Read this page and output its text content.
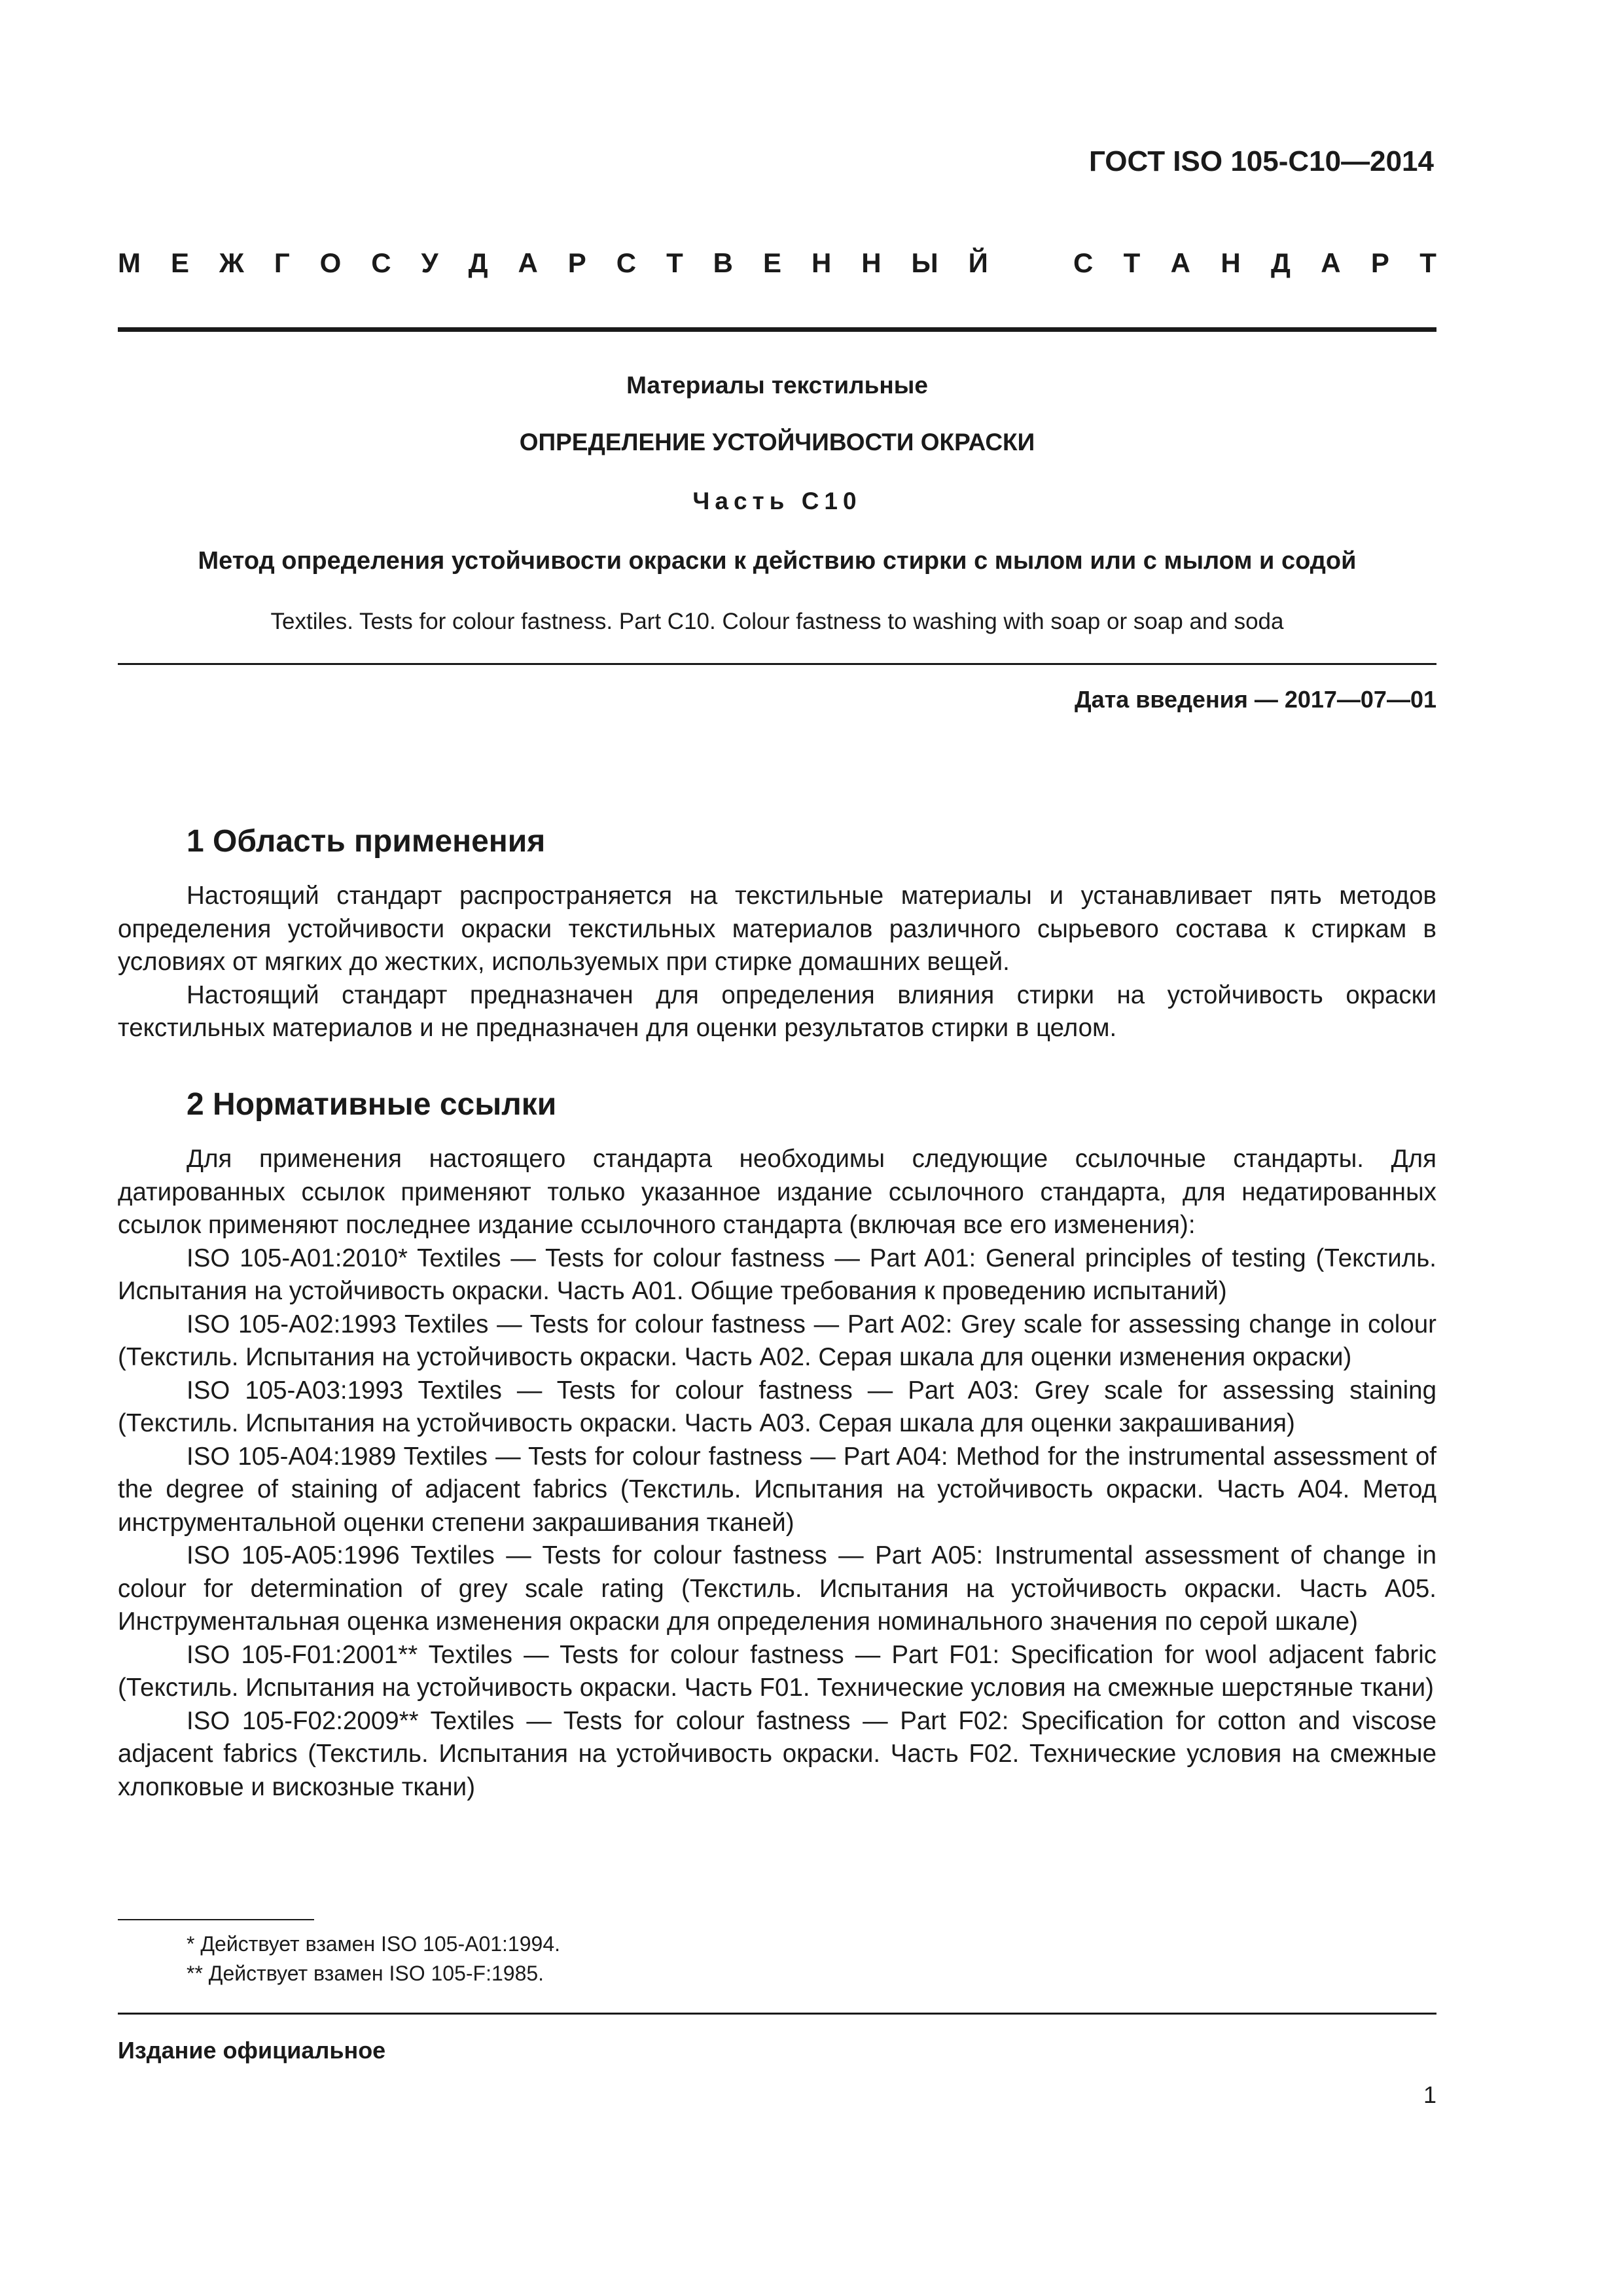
ГОСТ ISO 105-С10—2014
М Е Ж Г О С У Д А Р С Т В Е Н Н Ы Й	С Т А Н Д А Р Т
Материалы текстильные
ОПРЕДЕЛЕНИЕ УСТОЙЧИВОСТИ ОКРАСКИ
Часть С10
Метод определения устойчивости окраски к действию стирки с мылом или с мылом и содой
Textiles. Tests for colour fastness. Part C10. Colour fastness to washing with soap or soap and soda
Дата введения — 2017—07—01
1 Область применения

Настоящий стандарт распространяется на текстильные материалы и устанавливает пять методов определения устойчивости окраски текстильных материалов различного сырьевого состава к стиркам в условиях от мягких до жестких, используемых при стирке домашних вещей.

Настоящий стандарт предназначен для определения влияния стирки на устойчивость окраски текстильных материалов и не предназначен для оценки результатов стирки в целом.

2 Нормативные ссылки

Для применения настоящего стандарта необходимы следующие ссылочные стандарты. Для датированных ссылок применяют только указанное издание ссылочного стандарта, для недатированных ссылок применяют последнее издание ссылочного стандарта (включая все его изменения):

ISO 105-A01:2010* Textiles — Tests for colour fastness — Part A01: General principles of testing (Текстиль. Испытания на устойчивость окраски. Часть А01. Общие требования к проведению испытаний)

ISO 105-A02:1993 Textiles — Tests for colour fastness — Part A02: Grey scale for assessing change in colour (Текстиль. Испытания на устойчивость окраски. Часть А02. Серая шкала для оценки изменения окраски)

ISO 105-A03:1993 Textiles — Tests for colour fastness — Part A03: Grey scale for assessing staining (Текстиль. Испытания на устойчивость окраски. Часть А03. Серая шкала для оценки закрашивания)

ISO 105-A04:1989 Textiles — Tests for colour fastness — Part A04: Method for the instrumental assessment of the degree of staining of adjacent fabrics (Текстиль. Испытания на устойчивость окраски. Часть А04. Метод инструментальной оценки степени закрашивания тканей)

ISO 105-A05:1996 Textiles — Tests for colour fastness — Part A05: Instrumental assessment of change in colour for determination of grey scale rating (Текстиль. Испытания на устойчивость окраски. Часть А05. Инструментальная оценка изменения окраски для определения номинального значения по серой шкале)

ISO 105-F01:2001** Textiles — Tests for colour fastness — Part F01: Specification for wool adjacent fabric (Текстиль. Испытания на устойчивость окраски. Часть F01. Технические условия на смежные шерстяные ткани)

ISO 105-F02:2009** Textiles — Tests for colour fastness — Part F02: Specification for cotton and viscose adjacent fabrics (Текстиль. Испытания на устойчивость окраски. Часть F02. Технические условия на смежные хлопковые и вискозные ткани)

* Действует взамен ISO 105-A01:1994.
** Действует взамен ISO 105-F:1985.
Издание официальное
1
